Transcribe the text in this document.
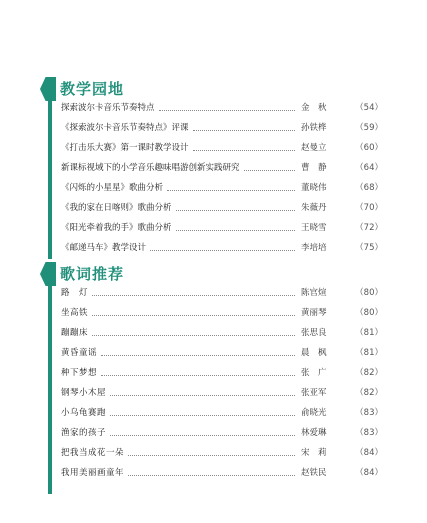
教学园地
探索波尔卡音乐节奏特点	金　秋	（54）
《探索波尔卡音乐节奏特点》评课	孙铁桦	（59）
《打击乐大赛》第一课时教学设计	赵曼立	（60）
新课标视域下的小学音乐趣味唱游创新实践研究	曹　静	（64）
《闪烁的小星星》歌曲分析	董晓伟	（68）
《我的家在日喀则》歌曲分析	朱薇丹	（70）
《阳光牵着我的手》歌曲分析	王晓雪	（72）
《邮递马车》教学设计	李培培	（75）
歌词推荐
路　灯	陈官煊	（80）
坐高铁	黄丽琴	（80）
蹦蹦床	张思良	（81）
黄昏童谣	晨　枫	（81）
种下梦想	张　广	（82）
钢琴小木屋	张亚军	（82）
小乌龟赛跑	俞晓光	（83）
渔家的孩子	林爱琳	（83）
把我当成花一朵	宋　莉	（84）
我用美丽画童年	赵铁民	（84）
